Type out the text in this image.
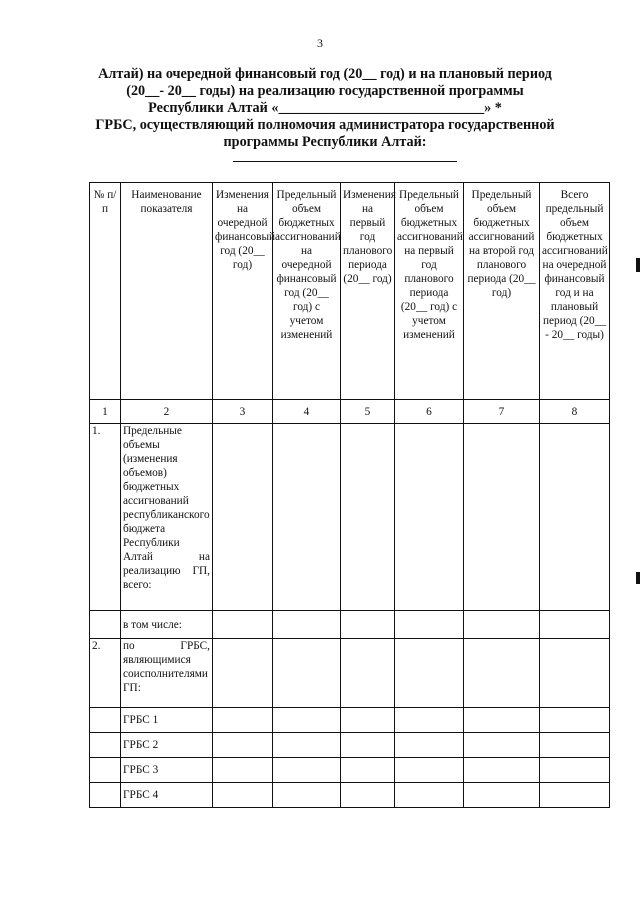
3
Алтай) на очередной финансовый год (20__ год) и на плановый период
(20__- 20__ годы) на реализацию государственной программы
Республики Алтай «_____________________________» *
ГРБС, осуществляющий полномочия администратора государственной
программы Республики Алтай:
№ п/п	Наименование показателя	Изменения на очередной финансовый год (20__ год)	Предельный объем бюджетных ассигнований на очередной финансовый год (20__ год) с учетом изменений	Изменения на первый год планового периода (20__ год)	Предельный объем бюджетных ассигнований на первый год планового периода (20__ год) с учетом изменений	Предельный объем бюджетных ассигнований на второй год планового периода (20__ год)	Всего предельный объем бюджетных ассигнований на очередной финансовый год и на плановый период (20__ - 20__ годы)
1	2	3	4	5	6	7	8
1.	Предельные объемы (изменения объемов) бюджетных ассигнований республиканского бюджета Республики Алтай на реализацию ГП, всего:						
	в том числе:						
2.	по ГРБС, являющимися соисполнителями ГП:						
	ГРБС 1						
	ГРБС 2						
	ГРБС 3						
	ГРБС 4						
